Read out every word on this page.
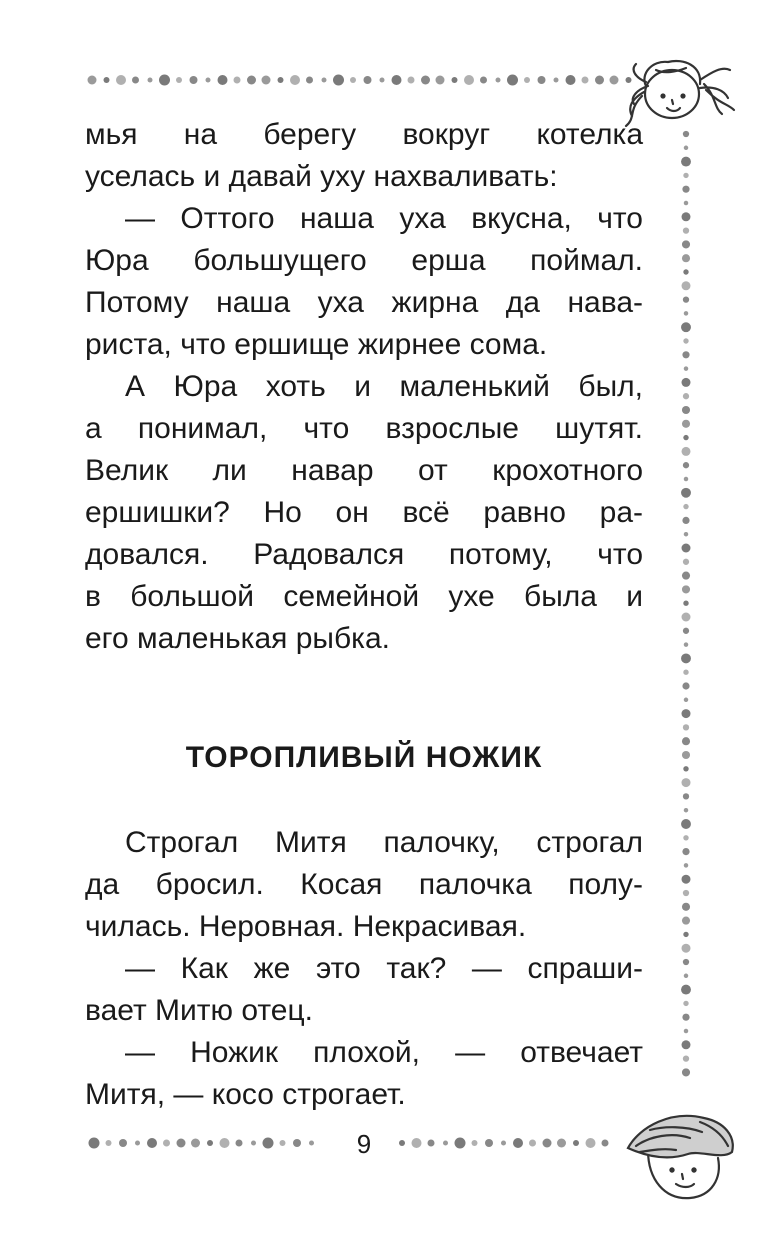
мья на берегу вокруг котелка
уселась и давай уху нахваливать:
— Оттого наша уха вкусна, что
Юра большущего ерша поймал.
Потому наша уха жирна да нава-
риста, что ершище жирнее сома.
А Юра хоть и маленький был,
а понимал, что взрослые шутят.
Велик ли навар от крохотного
ершишки? Но он всё равно ра-
довался. Радовался потому, что
в большой семейной ухе была и
его маленькая рыбка.
ТОРОПЛИВЫЙ НОЖИК
Строгал Митя палочку, строгал
да бросил. Косая палочка полу-
чилась. Неровная. Некрасивая.
— Как же это так? — спраши-
вает Митю отец.
— Ножик плохой, — отвечает
Митя, — косо строгает.
9
